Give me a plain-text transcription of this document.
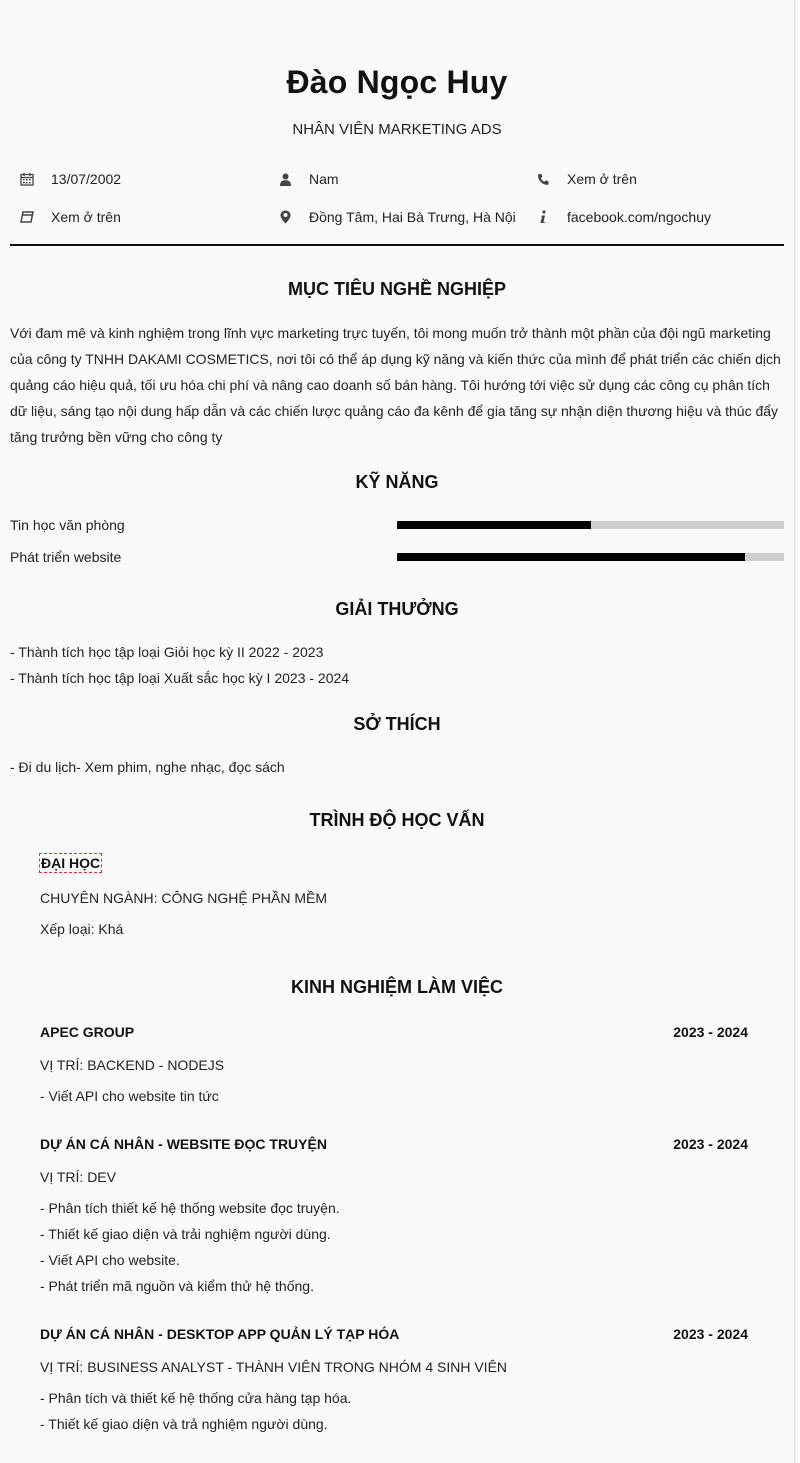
Đào Ngọc Huy
NHÂN VIÊN MARKETING ADS
13/07/2002	Nam	Xem ở trên
Xem ở trên	Đồng Tâm, Hai Bà Trưng, Hà Nội	facebook.com/ngochuy
MỤC TIÊU NGHỀ NGHIỆP
Với đam mê và kinh nghiệm trong lĩnh vực marketing trực tuyến, tôi mong muốn trở thành một phần của đội ngũ marketing của công ty TNHH DAKAMI COSMETICS, nơi tôi có thể áp dụng kỹ năng và kiến thức của mình để phát triển các chiến dịch quảng cáo hiệu quả, tối ưu hóa chi phí và nâng cao doanh số bán hàng. Tôi hướng tới việc sử dụng các công cụ phân tích dữ liệu, sáng tạo nội dung hấp dẫn và các chiến lược quảng cáo đa kênh để gia tăng sự nhận diện thương hiệu và thúc đẩy tăng trưởng bền vững cho công ty
KỸ NĂNG
Tin học văn phòng
Phát triển website
GIẢI THƯỞNG
- Thành tích học tập loại Giỏi học kỳ II 2022 - 2023
- Thành tích học tập loại Xuất sắc học kỳ I 2023 - 2024
SỞ THÍCH
- Đi du lịch- Xem phim, nghe nhạc, đọc sách
TRÌNH ĐỘ HỌC VẤN
ĐẠI HỌC
CHUYÊN NGÀNH: CÔNG NGHỆ PHẦN MỀM
Xếp loại: Khá
KINH NGHIỆM LÀM VIỆC
APEC GROUP	2023 - 2024
VỊ TRÍ: BACKEND - NODEJS
- Viết API cho website tin tức
DỰ ÁN CÁ NHÂN - WEBSITE ĐỌC TRUYỆN	2023 - 2024
VỊ TRÍ: DEV
- Phân tích thiết kế hệ thống website đọc truyện.
- Thiết kế giao diện và trải nghiệm người dùng.
- Viết API cho website.
- Phát triển mã nguồn và kiểm thử hệ thống.
DỰ ÁN CÁ NHÂN - DESKTOP APP QUẢN LÝ TẠP HÓA	2023 - 2024
VỊ TRÍ: BUSINESS ANALYST - THÀNH VIÊN TRONG NHÓM 4 SINH VIÊN
- Phân tích và thiết kế hệ thống cửa hàng tạp hóa.
- Thiết kế giao diện và trả nghiệm người dùng.
